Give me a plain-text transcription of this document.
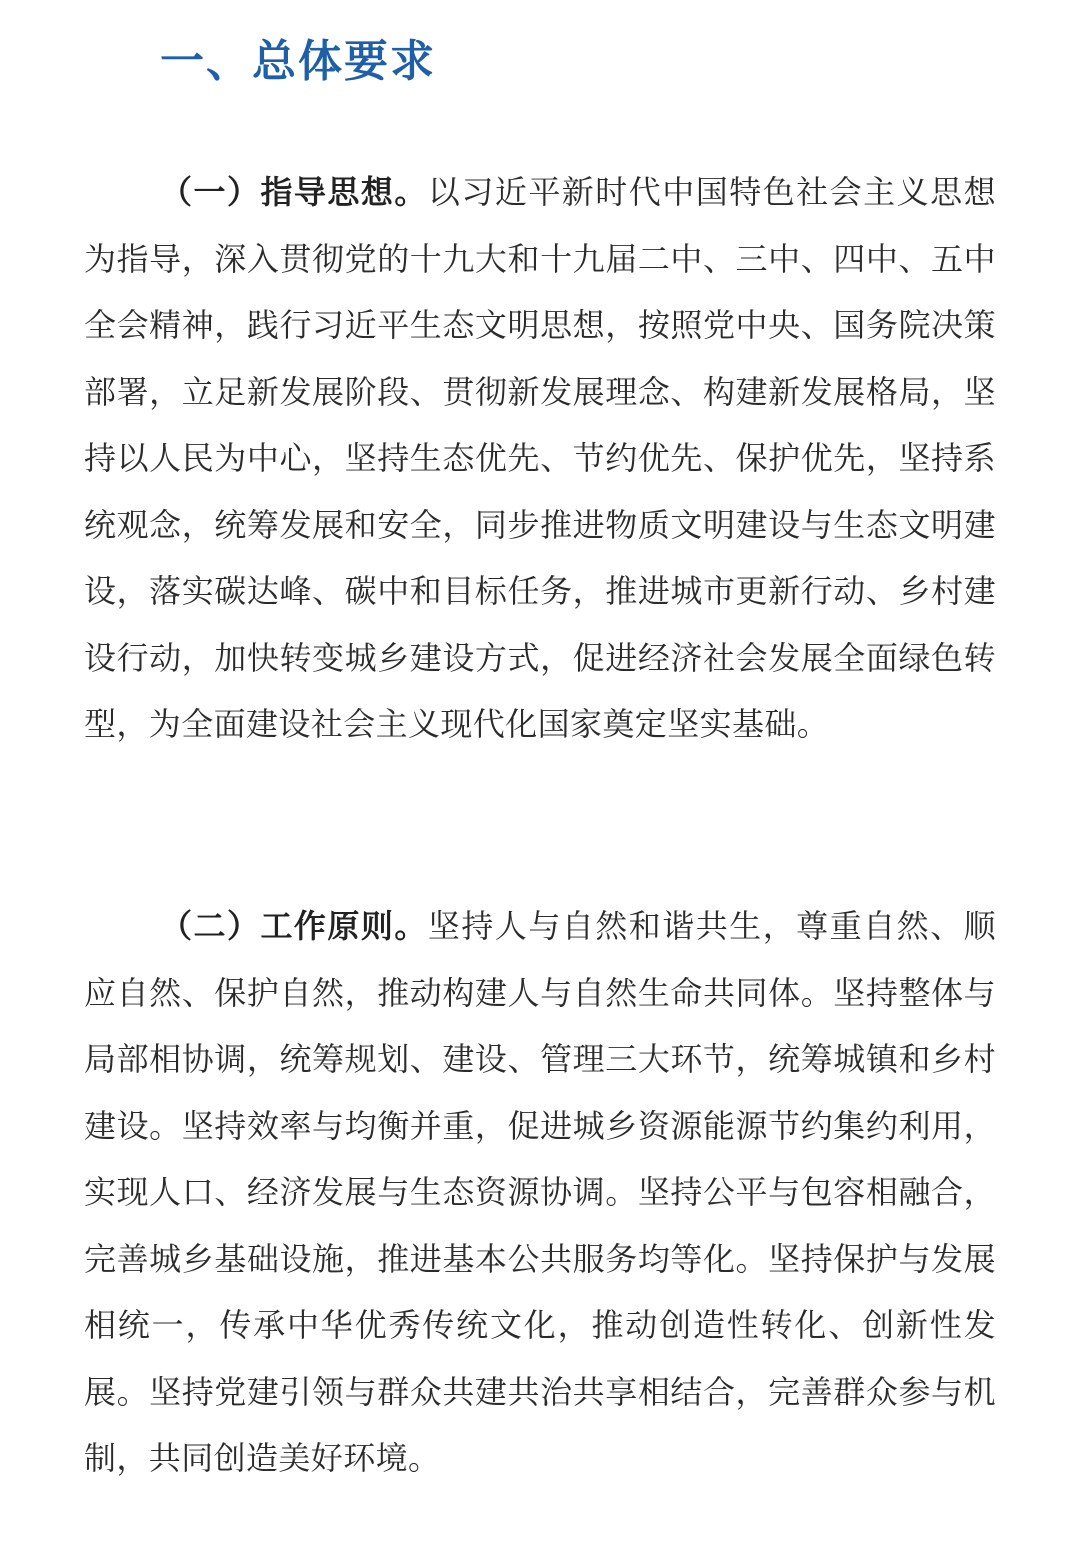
一、总体要求

（一）指导思想。以习近平新时代中国特色社会主义思想为指导，深入贯彻党的十九大和十九届二中、三中、四中、五中全会精神，践行习近平生态文明思想，按照党中央、国务院决策部署，立足新发展阶段、贯彻新发展理念、构建新发展格局，坚持以人民为中心，坚持生态优先、节约优先、保护优先，坚持系统观念，统筹发展和安全，同步推进物质文明建设与生态文明建设，落实碳达峰、碳中和目标任务，推进城市更新行动、乡村建设行动，加快转变城乡建设方式，促进经济社会发展全面绿色转型，为全面建设社会主义现代化国家奠定坚实基础。

（二）工作原则。坚持人与自然和谐共生，尊重自然、顺应自然、保护自然，推动构建人与自然生命共同体。坚持整体与局部相协调，统筹规划、建设、管理三大环节，统筹城镇和乡村建设。坚持效率与均衡并重，促进城乡资源能源节约集约利用，实现人口、经济发展与生态资源协调。坚持公平与包容相融合，完善城乡基础设施，推进基本公共服务均等化。坚持保护与发展相统一，传承中华优秀传统文化，推动创造性转化、创新性发展。坚持党建引领与群众共建共治共享相结合，完善群众参与机制，共同创造美好环境。
